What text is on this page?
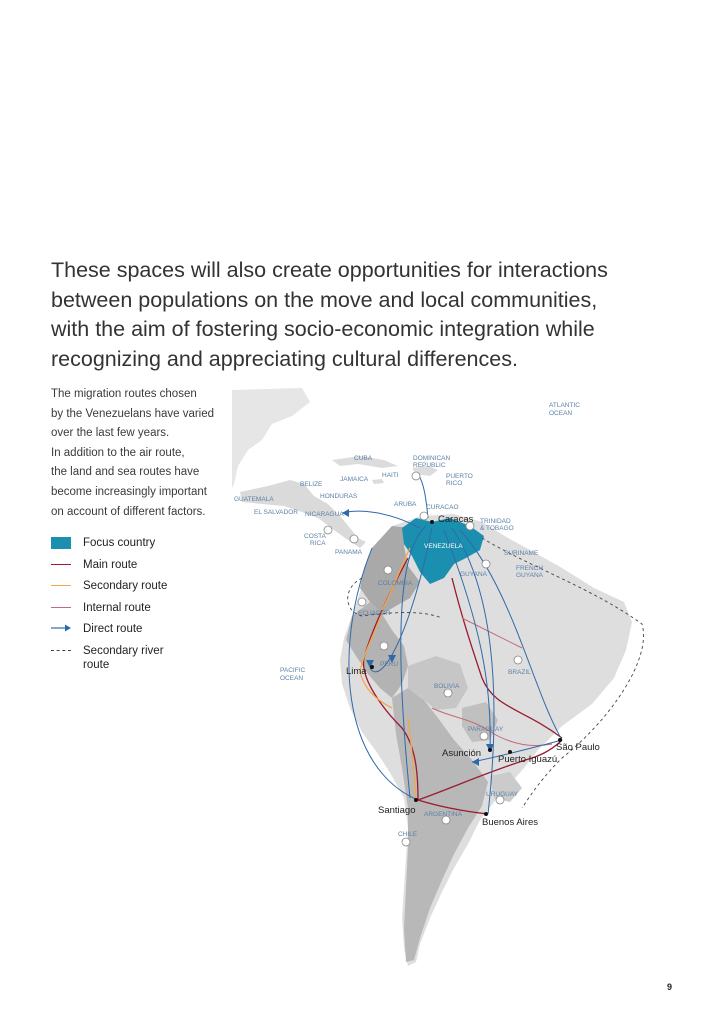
These spaces will also create opportunities for interactions
between populations on the move and local communities,
with the aim of fostering socio-economic integration while
recognizing and appreciating cultural differences.
The migration routes chosen
by the Venezuelans have varied
over the last few years.
In addition to the air route,
the land and sea routes have
become increasingly important
on account of different factors.
Focus country
Main route
Secondary route
Internal route
Direct route
Secondary river
route
ATLANTIC
OCEAN
PACIFIC
OCEAN
CUBA	DOMINICAN
REPUBLIC
HAITI	PUERTO
RICO
JAMAICA
BELIZE
HONDURAS
GUATEMALA
EL SALVADOR NICARAGUA
ARUBA CURACAO
TRINIDAD
& TOBAGO
COSTA
RICA
PANAMA
VENEZUELA
SURINAME
FRENCH
GUYANA
GUYANA
COLOMBIA
ECUADOR
PERU
BRAZIL
BOLIVIA
PARAGUAY
URUGUAY
ARGENTINA
CHILE
Caracas
Lima
Asunción
São Paulo
Puerto Iguazú
Santiago
Buenos Aires
9
